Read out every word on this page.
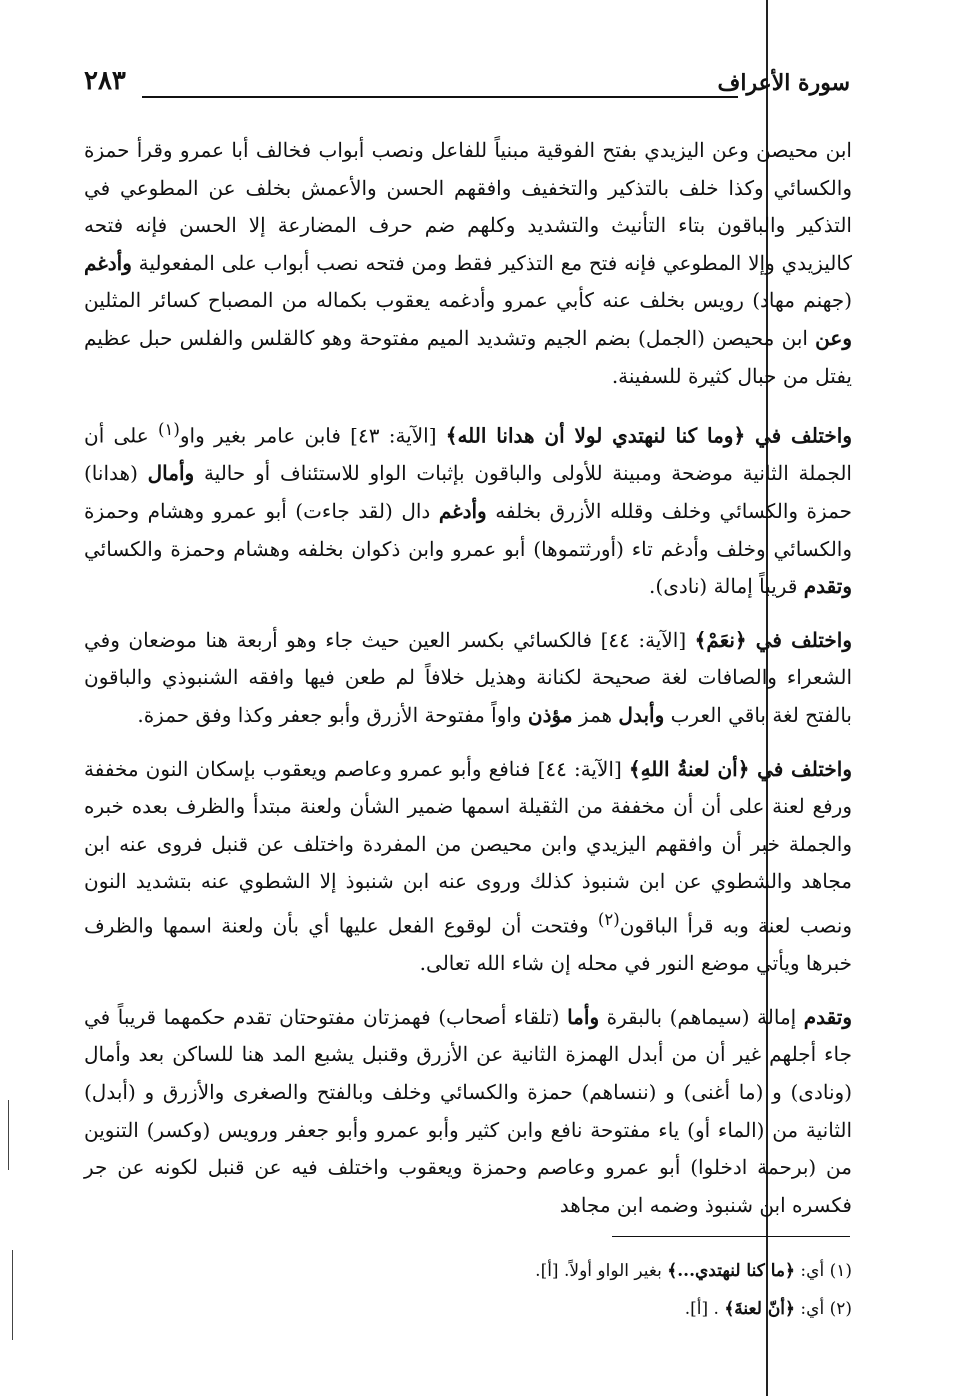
سورة الأعراف
٢٨٣

ابن محيصن وعن اليزيدي بفتح الفوقية مبنياً للفاعل ونصب أبواب فخالف أبا عمرو وقرأ حمزة والكسائي وكذا خلف بالتذكير والتخفيف وافقهم الحسن والأعمش بخلف عن المطوعي في التذكير والباقون بتاء التأنيث والتشديد وكلهم ضم حرف المضارعة إلا الحسن فإنه فتحه كاليزيدي وإلا المطوعي فإنه فتح مع التذكير فقط ومن فتحه نصب أبواب على المفعولية وأدغم (جهنم مهاد) رويس بخلف عنه كأبي عمرو وأدغمه يعقوب بكماله من المصباح كسائر المثلين وعن ابن محيصن (الجمل) بضم الجيم وتشديد الميم مفتوحة وهو كالقلس والفلس حبل عظيم يفتل من حبال كثيرة للسفينة.

واختلف في ﴿وما كنا لنهتدي لولا أن هدانا الله﴾ [الآية: ٤٣] فابن عامر بغير واو$^{(١)}$ على أن الجملة الثانية موضحة ومبينة للأولى والباقون بإثبات الواو للاستئناف أو حالية وأمال (هدانا) حمزة والكسائي وخلف وقلله الأزرق بخلفه وأدغم دال (لقد جاءت) أبو عمرو وهشام وحمزة والكسائي وخلف وأدغم تاء (أورثتموها) أبو عمرو وابن ذكوان بخلفه وهشام وحمزة والكسائي وتقدم قريباً إمالة (نادى).

واختلف في ﴿نعَمْ﴾ [الآية: ٤٤] فالكسائي بكسر العين حيث جاء وهو أربعة هنا موضعان وفي الشعراء والصافات لغة صحيحة لكنانة وهذيل خلافاً لم طعن فيها وافقه الشنبوذي والباقون بالفتح لغة باقي العرب وأبدل همز مؤذن واواً مفتوحة الأزرق وأبو جعفر وكذا وفق حمزة.

واختلف في ﴿أن لعنةُ اللهِ﴾ [الآية: ٤٤] فنافع وأبو عمرو وعاصم ويعقوب بإسكان النون مخففة ورفع لعنة على أن أن مخففة من الثقيلة اسمها ضمير الشأن ولعنة مبتدأ والظرف بعده خبره والجملة خبر أن وافقهم اليزيدي وابن محيصن من المفردة واختلف عن قنبل فروى عنه ابن مجاهد والشطوي عن ابن شنبوذ كذلك وروى عنه ابن شنبوذ إلا الشطوي عنه بتشديد النون ونصب لعنة وبه قرأ الباقون$^{(٢)}$ وفتحت أن لوقوع الفعل عليها أي بأن ولعنة اسمها والظرف خبرها ويأتي موضع النور في محله إن شاء الله تعالى.

وتقدم إمالة (سيماهم) بالبقرة وأما (تلقاء أصحاب) فهمزتان مفتوحتان تقدم حكمهما قريباً في جاء أجلهم غير أن من أبدل الهمزة الثانية عن الأزرق وقنبل يشبع المد هنا للساكن بعد وأمال (ونادى) و (ما أغنى) و (ننساهم) حمزة والكسائي وخلف وبالفتح والصغرى والأزرق و (أبدل) الثانية من (الماء أو) ياء مفتوحة نافع وابن كثير وأبو عمرو وأبو جعفر ورويس (وكسر) التنوين من (برحمة ادخلوا) أبو عمرو وعاصم وحمزة ويعقوب واختلف فيه عن قنبل لكونه عن جر فكسره ابن شنبوذ وضمه ابن مجاهد

(١) أي: ﴿ما كنا لنهتدي...﴾ بغير الواو أولاً. [أ].
(٢) أي: ﴿أنّ لعنةَ﴾ . [أ].
